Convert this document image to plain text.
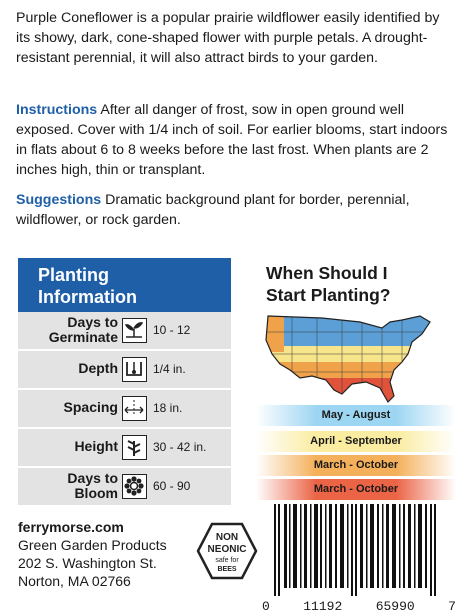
Purple Coneflower is a popular prairie wildflower easily identified by its showy, dark, cone-shaped flower with purple petals. A drought-resistant perennial, it will also attract birds to your garden.

Instructions After all danger of frost, sow in open ground well exposed. Cover with 1/4 inch of soil. For earlier blooms, start indoors in flats about 6 to 8 weeks before the last frost. When plants are 2 inches high, thin or transplant.

Suggestions Dramatic background plant for border, perennial, wildflower, or rock garden.

Planting
Information
Days to
Germinate	10 - 12
Depth	1/4 in.
Spacing	18 in.
Height	30 - 42 in.
Days to
Bloom	60 - 90
When Should I
Start Planting?
May - August
April - September
March - October
March - October
ferrymorse.com
Green Garden Products
202 S. Washington St.
Norton, MA 02766
NON
NEONIC
safe for
BEES
0	11192	65990	7
